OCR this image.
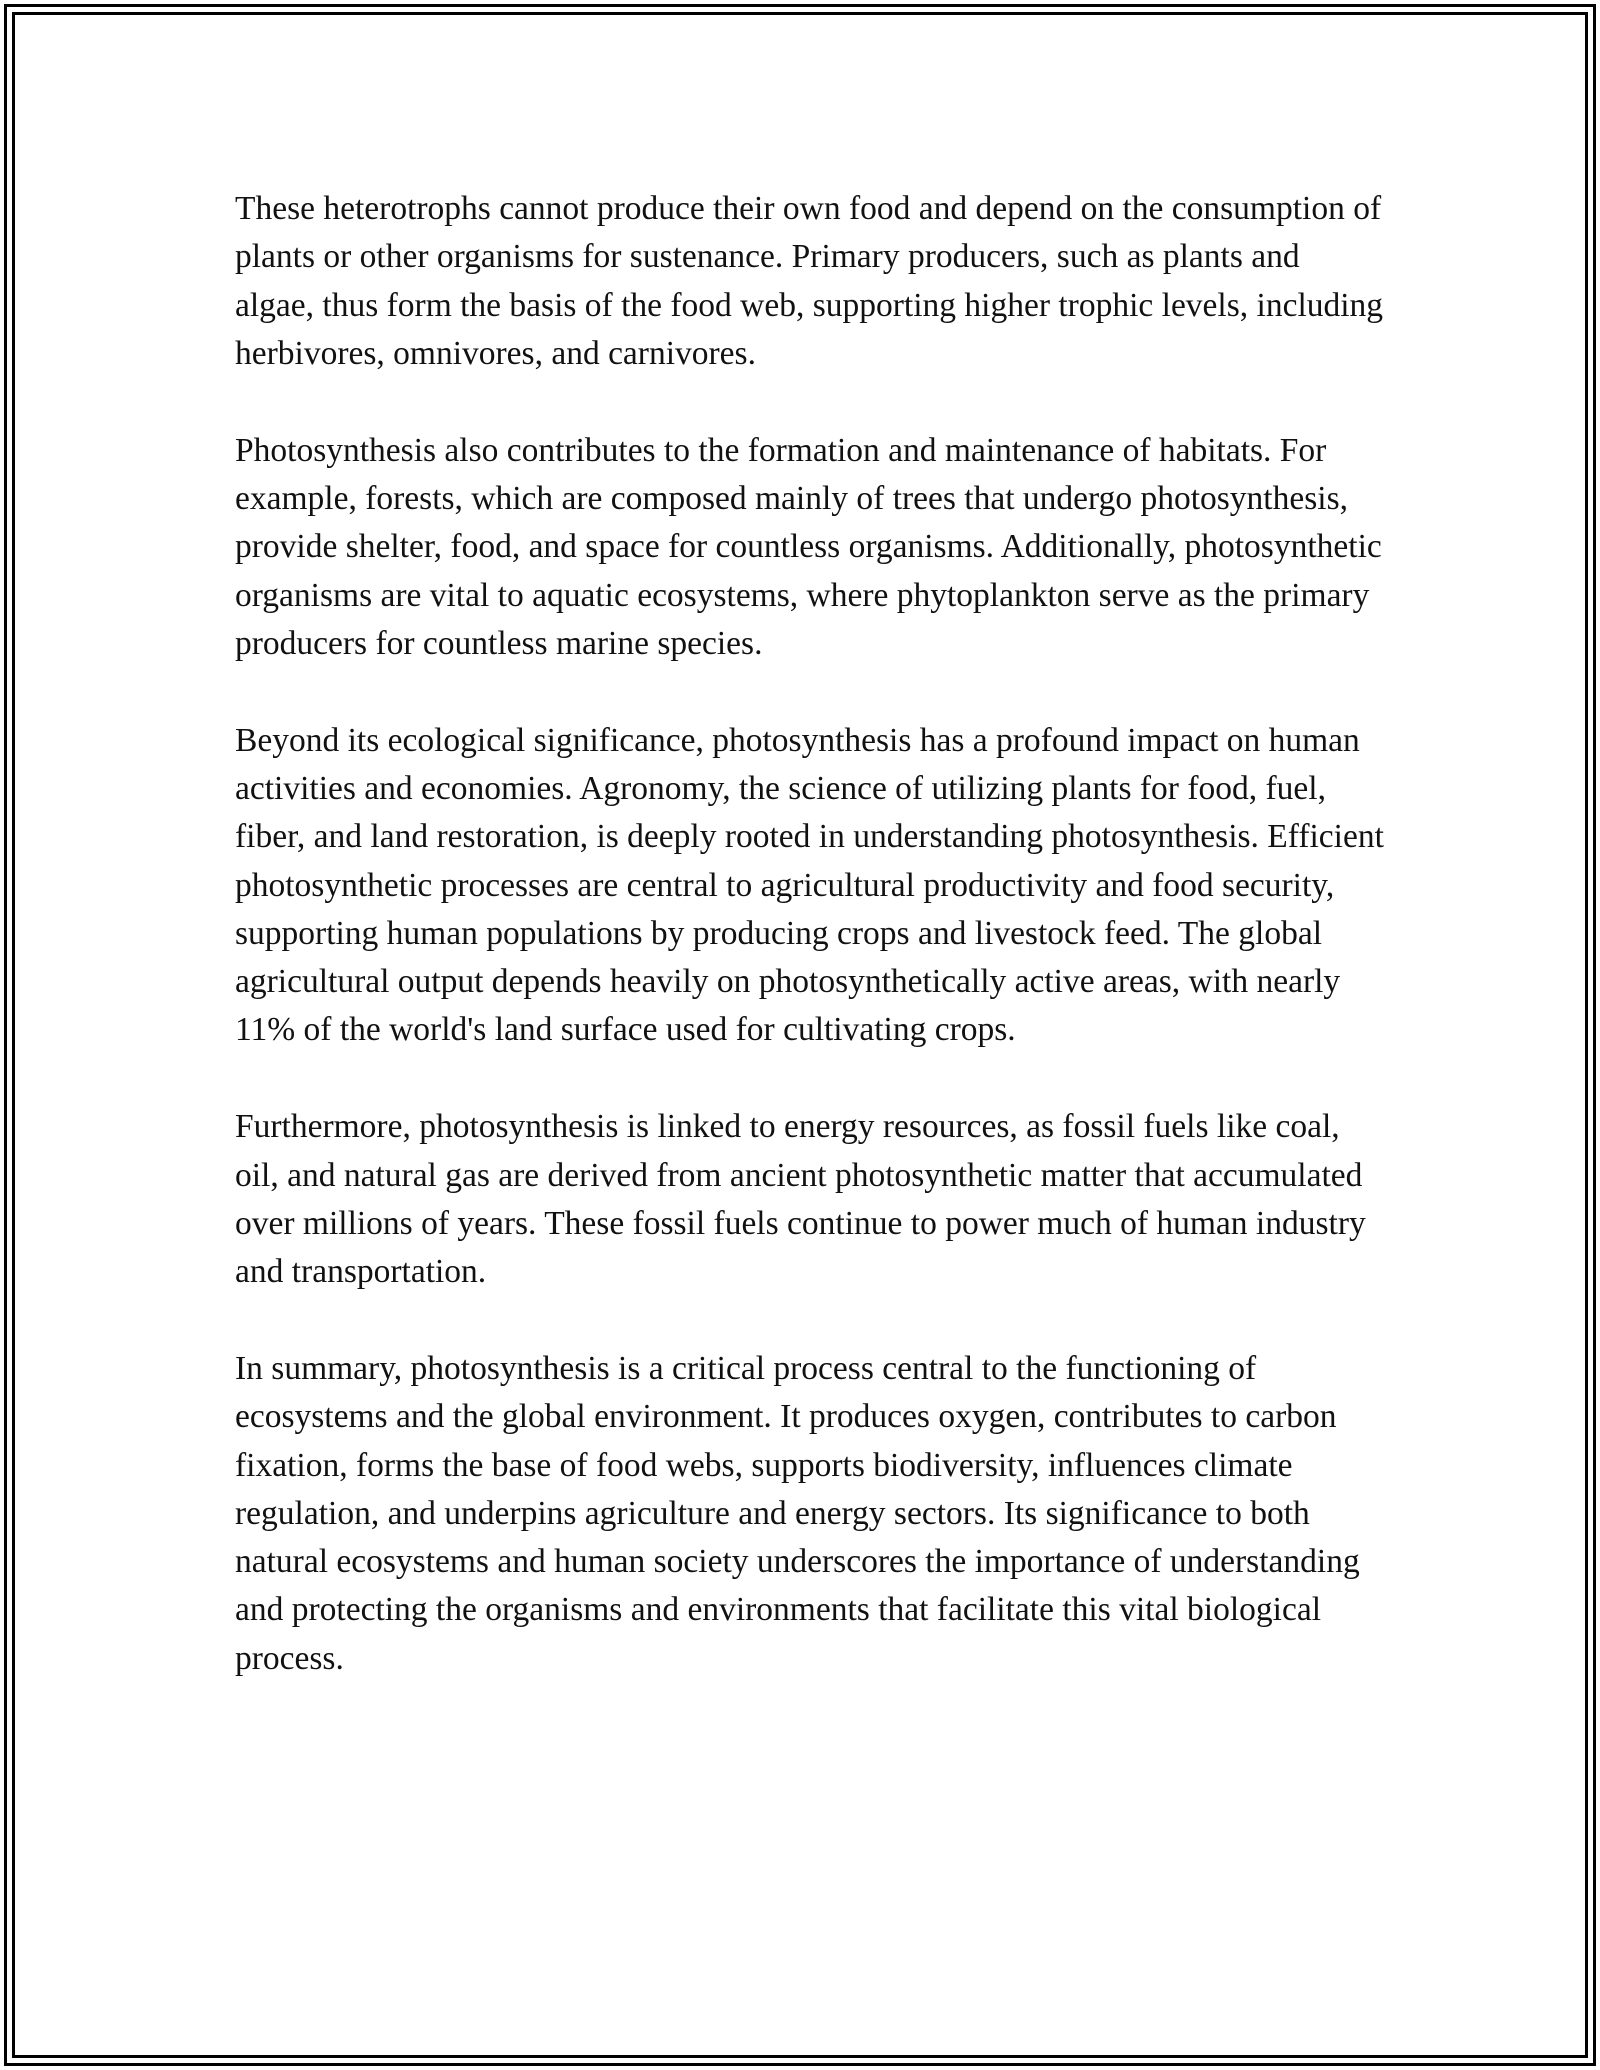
These heterotrophs cannot produce their own food and depend on the consumption of plants or other organisms for sustenance. Primary producers, such as plants and algae, thus form the basis of the food web, supporting higher trophic levels, including herbivores, omnivores, and carnivores.

Photosynthesis also contributes to the formation and maintenance of habitats. For example, forests, which are composed mainly of trees that undergo photosynthesis, provide shelter, food, and space for countless organisms. Additionally, photosynthetic organisms are vital to aquatic ecosystems, where phytoplankton serve as the primary producers for countless marine species.

Beyond its ecological significance, photosynthesis has a profound impact on human activities and economies. Agronomy, the science of utilizing plants for food, fuel, fiber, and land restoration, is deeply rooted in understanding photosynthesis. Efficient photosynthetic processes are central to agricultural productivity and food security, supporting human populations by producing crops and livestock feed. The global agricultural output depends heavily on photosynthetically active areas, with nearly 11% of the world's land surface used for cultivating crops.

Furthermore, photosynthesis is linked to energy resources, as fossil fuels like coal, oil, and natural gas are derived from ancient photosynthetic matter that accumulated over millions of years. These fossil fuels continue to power much of human industry and transportation.

In summary, photosynthesis is a critical process central to the functioning of ecosystems and the global environment. It produces oxygen, contributes to carbon fixation, forms the base of food webs, supports biodiversity, influences climate regulation, and underpins agriculture and energy sectors. Its significance to both natural ecosystems and human society underscores the importance of understanding and protecting the organisms and environments that facilitate this vital biological process.
